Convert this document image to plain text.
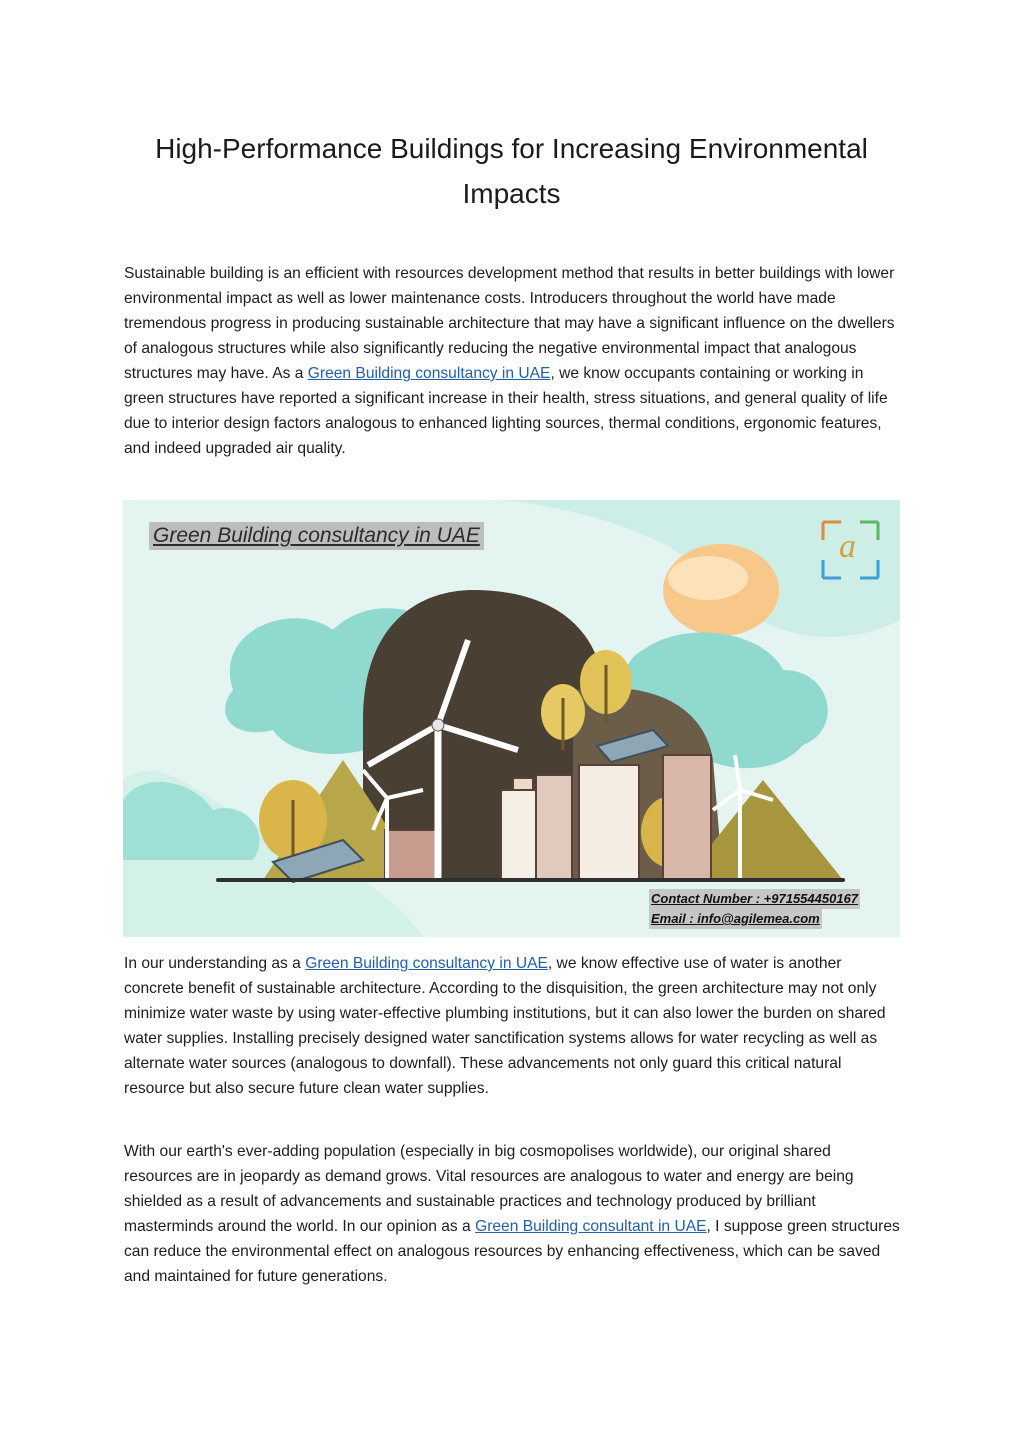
High-Performance Buildings for Increasing Environmental
Impacts

Sustainable building is an efficient with resources development method that results in better buildings with lower environmental impact as well as lower maintenance costs. Introducers throughout the world have made tremendous progress in producing sustainable architecture that may have a significant influence on the dwellers of analogous structures while also significantly reducing the negative environmental impact that analogous structures may have. As a Green Building consultancy in UAE, we know occupants containing or working in green structures have reported a significant increase in their health, stress situations, and general quality of life due to interior design factors analogous to enhanced lighting sources, thermal conditions, ergonomic features, and indeed upgraded air quality.

a
Green Building consultancy in UAE
Contact Number : +971554450167
Email : info@agilemea.com

In our understanding as a Green Building consultancy in UAE, we know effective use of water is another concrete benefit of sustainable architecture. According to the disquisition, the green architecture may not only minimize water waste by using water-effective plumbing institutions, but it can also lower the burden on shared water supplies. Installing precisely designed water sanctification systems allows for water recycling as well as alternate water sources (analogous to downfall). These advancements not only guard this critical natural resource but also secure future clean water supplies.

With our earth's ever-adding population (especially in big cosmopolises worldwide), our original shared resources are in jeopardy as demand grows. Vital resources are analogous to water and energy are being shielded as a result of advancements and sustainable practices and technology produced by brilliant masterminds around the world. In our opinion as a Green Building consultant in UAE, I suppose green structures can reduce the environmental effect on analogous resources by enhancing effectiveness, which can be saved and maintained for future generations.
